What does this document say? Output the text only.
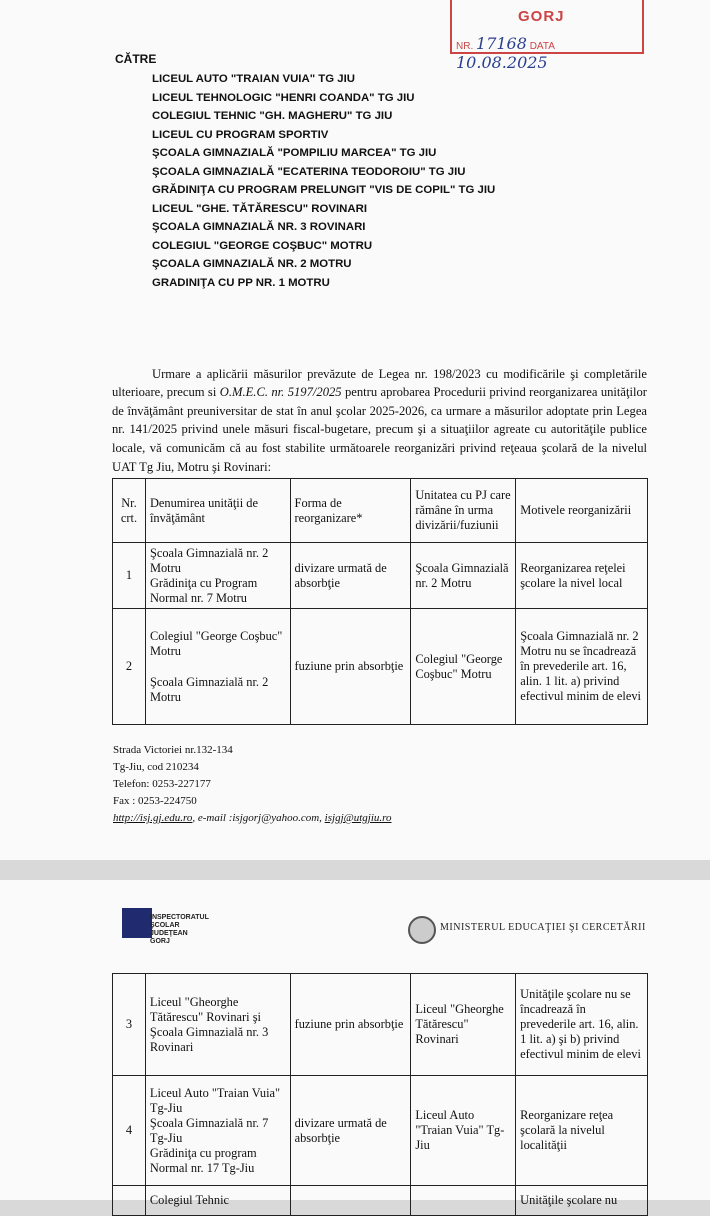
GORJ
NR. 17168 DATA 10.08.2025
CĂTRE
LICEUL AUTO "TRAIAN VUIA" TG JIU
LICEUL TEHNOLOGIC "HENRI COANDA" TG JIU
COLEGIUL TEHNIC "GH. MAGHERU" TG JIU
LICEUL CU PROGRAM SPORTIV
ŞCOALA GIMNAZIALĂ "POMPILIU MARCEA" TG JIU
ŞCOALA GIMNAZIALĂ "ECATERINA TEODOROIU" TG JIU
GRĂDINIŢA CU PROGRAM PRELUNGIT "VIS DE COPIL" TG JIU
LICEUL "GHE. TĂTĂRESCU" ROVINARI
ŞCOALA GIMNAZIALĂ NR. 3 ROVINARI
COLEGIUL "GEORGE COŞBUC" MOTRU
ŞCOALA GIMNAZIALĂ NR. 2 MOTRU
GRADINIŢA CU PP NR. 1 MOTRU

Urmare a aplicării măsurilor prevăzute de Legea nr. 198/2023 cu modificările şi completările ulterioare, precum si O.M.E.C. nr. 5197/2025 pentru aprobarea Procedurii privind reorganizarea unităţilor de învăţământ preuniversitar de stat în anul şcolar 2025-2026, ca urmare a măsurilor adoptate prin Legea nr. 141/2025 privind unele măsuri fiscal-bugetare, precum şi a situaţiilor agreate cu autorităţile publice locale, vă comunicăm că au fost stabilite următoarele reorganizări privind reţeaua şcolară de la nivelul UAT Tg Jiu, Motru şi Rovinari:

Nr. crt.	Denumirea unităţii de învăţământ	Forma de reorganizare*	Unitatea cu PJ care rămâne în urma divizării/fuziunii	Motivele reorganizării
1	Şcoala Gimnazială nr. 2 Motru
Grădiniţa cu Program Normal nr. 7 Motru	divizare urmată de absorbţie	Şcoala Gimnazială nr. 2 Motru	Reorganizarea reţelei şcolare la nivel local
2	Colegiul "George Coşbuc" Motru
Şcoala Gimnazială nr. 2 Motru	fuziune prin absorbţie	Colegiul "George Coşbuc" Motru	Şcoala Gimnazială nr. 2 Motru nu se încadrează în prevederile art. 16, alin. 1 lit. a) privind efectivul minim de elevi
Strada Victoriei nr.132-134
Tg-Jiu, cod 210234
Telefon: 0253-227177
Fax : 0253-224750
http://isj.gj.edu.ro, e-mail :isjgorj@yahoo.com, isjgj@utgjiu.ro
INSPECTORATUL
ŞCOLAR
JUDEŢEAN
GORJ
MINISTERUL EDUCAŢIEI ŞI CERCETĂRII
3	Liceul "Gheorghe Tătărescu" Rovinari şi Şcoala Gimnazială nr. 3 Rovinari	fuziune prin absorbţie	Liceul "Gheorghe Tătărescu" Rovinari	Unităţile şcolare nu se încadrează în prevederile art. 16, alin. 1 lit. a) şi b) privind efectivul minim de elevi
4	Liceul Auto "Traian Vuia" Tg-Jiu
Şcoala Gimnazială nr. 7 Tg-Jiu
Grădiniţa cu program Normal nr. 17 Tg-Jiu	divizare urmată de absorbţie	Liceul Auto "Traian Vuia" Tg-Jiu	Reorganizare reţea şcolară la nivelul localităţii
	Colegiul Tehnic			Unităţile şcolare nu
